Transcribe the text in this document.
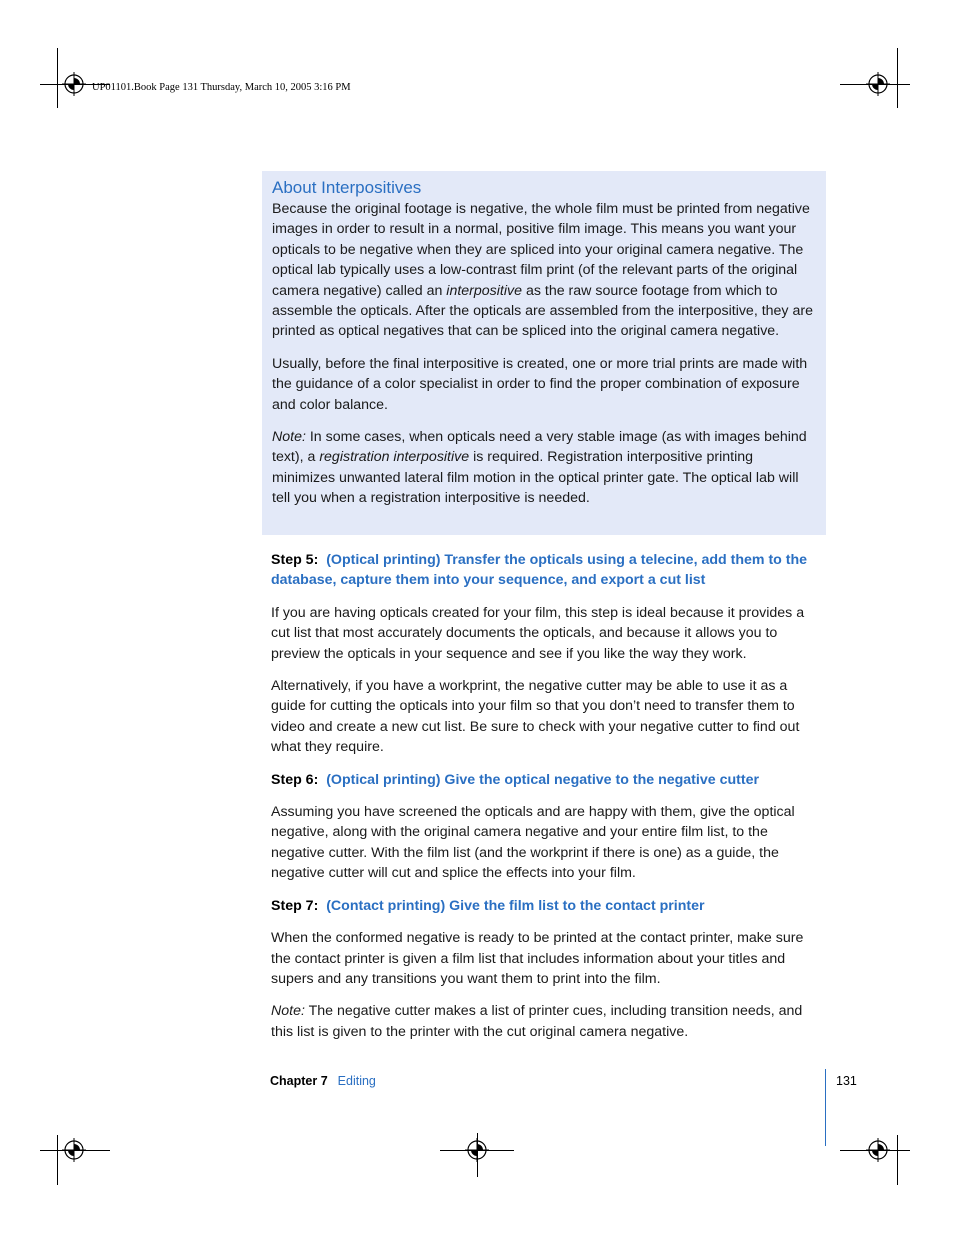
UP01101.Book Page 131 Thursday, March 10, 2005 3:16 PM
About Interpositives

Because the original footage is negative, the whole film must be printed from negative images in order to result in a normal, positive film image. This means you want your opticals to be negative when they are spliced into your original camera negative. The optical lab typically uses a low-contrast film print (of the relevant parts of the original camera negative) called an interpositive as the raw source footage from which to assemble the opticals. After the opticals are assembled from the interpositive, they are printed as optical negatives that can be spliced into the original camera negative.

Usually, before the final interpositive is created, one or more trial prints are made with the guidance of a color specialist in order to find the proper combination of exposure and color balance.

Note: In some cases, when opticals need a very stable image (as with images behind text), a registration interpositive is required. Registration interpositive printing minimizes unwanted lateral film motion in the optical printer gate. The optical lab will tell you when a registration interpositive is needed.

Step 5: (Optical printing) Transfer the opticals using a telecine, add them to the database, capture them into your sequence, and export a cut list

If you are having opticals created for your film, this step is ideal because it provides a cut list that most accurately documents the opticals, and because it allows you to preview the opticals in your sequence and see if you like the way they work.

Alternatively, if you have a workprint, the negative cutter may be able to use it as a guide for cutting the opticals into your film so that you don’t need to transfer them to video and create a new cut list. Be sure to check with your negative cutter to find out what they require.

Step 6: (Optical printing) Give the optical negative to the negative cutter

Assuming you have screened the opticals and are happy with them, give the optical negative, along with the original camera negative and your entire film list, to the negative cutter. With the film list (and the workprint if there is one) as a guide, the negative cutter will cut and splice the effects into your film.

Step 7: (Contact printing) Give the film list to the contact printer

When the conformed negative is ready to be printed at the contact printer, make sure the contact printer is given a film list that includes information about your titles and supers and any transitions you want them to print into the film.

Note: The negative cutter makes a list of printer cues, including transition needs, and this list is given to the printer with the cut original camera negative.

Chapter 7 Editing	131
